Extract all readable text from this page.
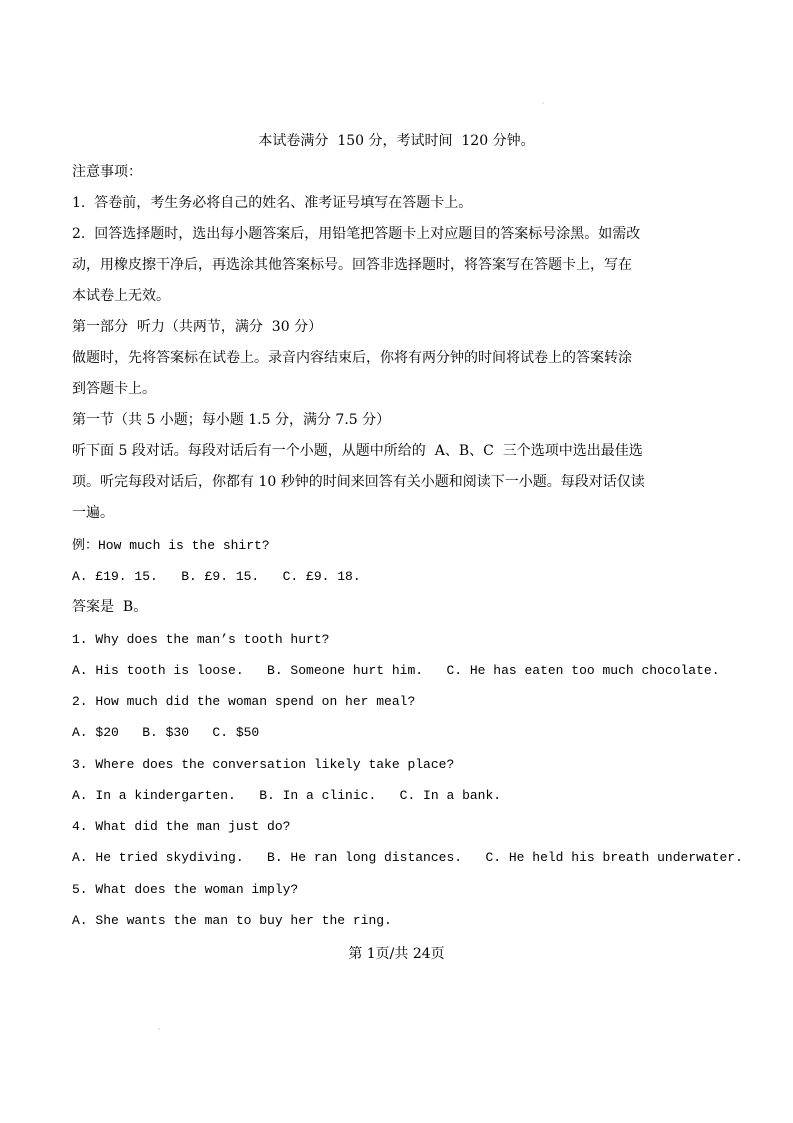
本试卷满分  150 分，考试时间  120 分钟。
注意事项：
1.  答卷前，考生务必将自己的姓名、准考证号填写在答题卡上。
2.  回答选择题时，选出每小题答案后，用铅笔把答题卡上对应题目的答案标号涂黑。如需改
动，用橡皮擦干净后，再选涂其他答案标号。回答非选择题时，将答案写在答题卡上，写在
本试卷上无效。
第一部分  听力（共两节，满分  30 分）
做题时，先将答案标在试卷上。录音内容结束后，你将有两分钟的时间将试卷上的答案转涂
到答题卡上。
第一节（共 5 小题；每小题 1.5 分，满分 7.5 分）
听下面 5 段对话。每段对话后有一个小题，从题中所给的  A、B、C  三个选项中选出最佳选
项。听完每段对话后，你都有 10 秒钟的时间来回答有关小题和阅读下一小题。每段对话仅读
一遍。
例：How much is the shirt?
A. £19. 15.   B. £9. 15.   C. £9. 18.
答案是  B。
1. Why does the man’s tooth hurt?
A. His tooth is loose.   B. Someone hurt him.   C. He has eaten too much chocolate.
2. How much did the woman spend on her meal?
A. $20   B. $30   C. $50
3. Where does the conversation likely take place?
A. In a kindergarten.   B. In a clinic.   C. In a bank.
4. What did the man just do?
A. He tried skydiving.   B. He ran long distances.   C. He held his breath underwater.
5. What does the woman imply?
A. She wants the man to buy her the ring.
第 1页/共 24页
